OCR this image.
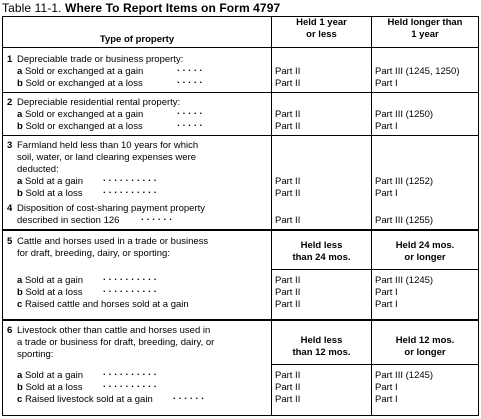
Table 11-1. Where To Report Items on Form 4797
Type of property
Held 1 year
or less
Held longer than
1 year
1 Depreciable trade or business property:
a Sold or exchanged at a gain	.....	Part II	Part III (1245, 1250)
b Sold or exchanged at a loss	.....	Part II	Part I
2 Depreciable residential rental property:
a Sold or exchanged at a gain	.....	Part II	Part III (1250)
b Sold or exchanged at a loss	.....	Part II	Part I
3 Farmland held less than 10 years for which
soil, water, or land clearing expenses were
deducted:
a Sold at a gain ..........	Part II	Part III (1252)
b Sold at a loss ..........	Part II	Part I
4 Disposition of cost-sharing payment property
described in section 126 ......	Part II	Part III (1255)
5 Cattle and horses used in a trade or business
for draft, breeding, dairy, or sporting:
Held less
than 24 mos.
Held 24 mos.
or longer
a Sold at a gain ..........	Part II	Part III (1245)
b Sold at a loss ..........	Part II	Part I
c Raised cattle and horses sold at a gain	Part II	Part I
6 Livestock other than cattle and horses used in
a trade or business for draft, breeding, dairy, or
sporting:
Held less
than 12 mos.
Held 12 mos.
or longer
a Sold at a gain ..........	Part II	Part III (1245)
b Sold at a loss ..........	Part II	Part I
c Raised livestock sold at a gain ......	Part II	Part I
